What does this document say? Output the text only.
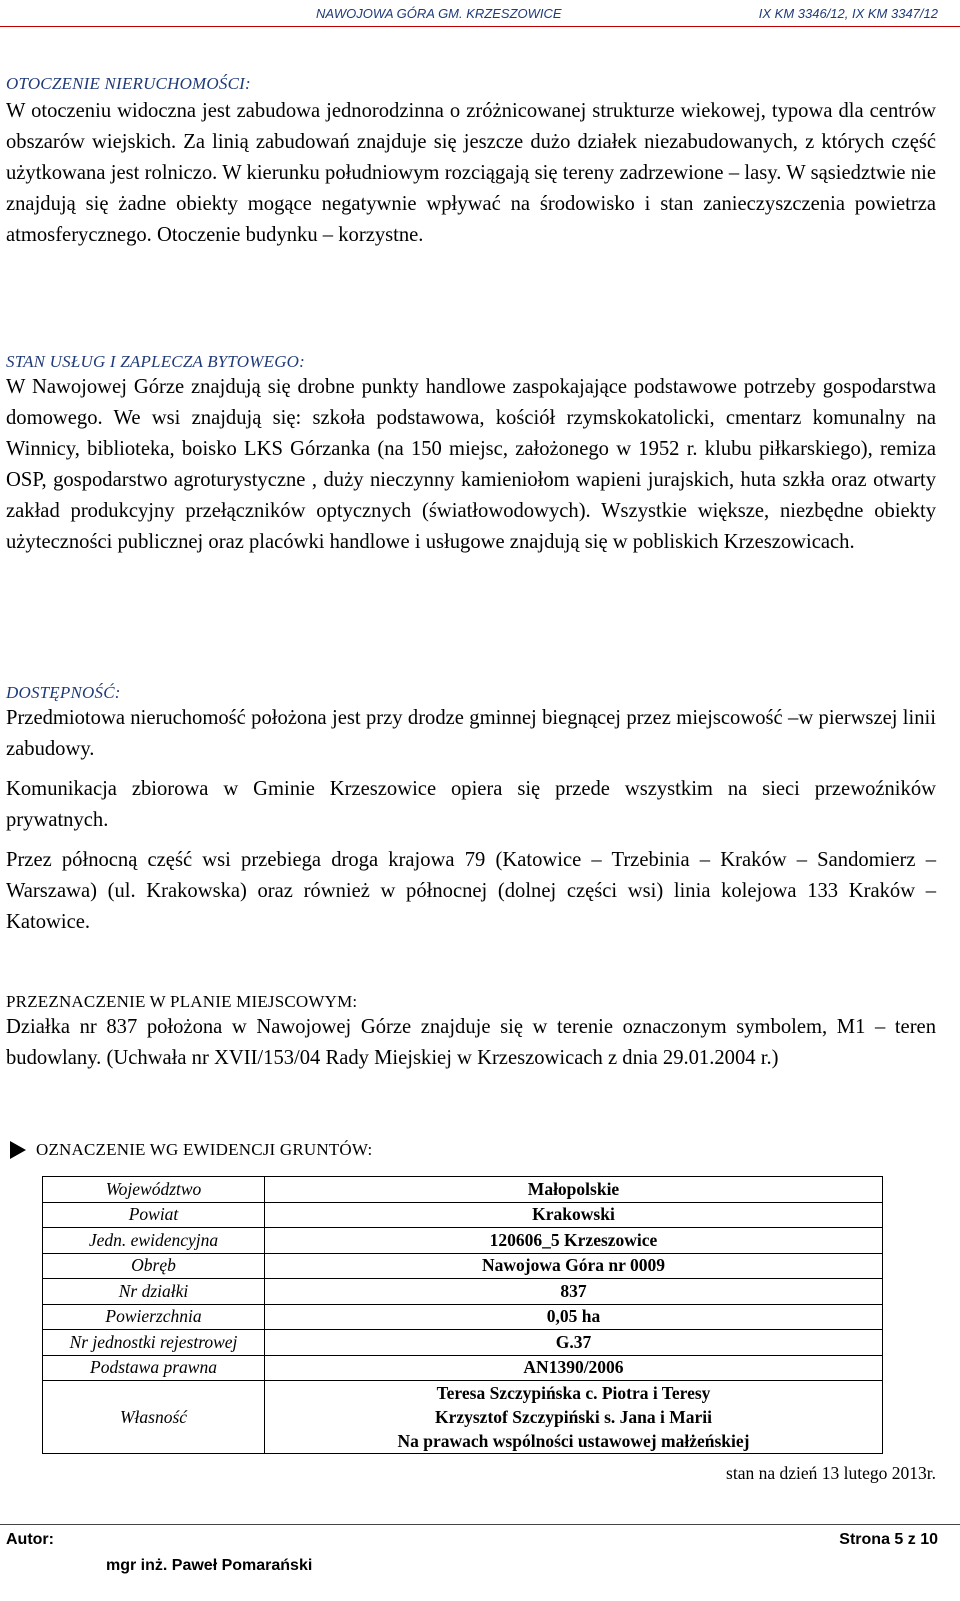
NAWOJOWA GÓRA GM. KRZESZOWICE	IX KM 3346/12, IX KM 3347/12
OTOCZENIE NIERUCHOMOŚCI:

W otoczeniu widoczna jest zabudowa jednorodzinna o zróżnicowanej strukturze wiekowej, typowa dla centrów obszarów wiejskich. Za linią zabudowań znajduje się jeszcze dużo działek niezabudowanych, z których część użytkowana jest rolniczo. W kierunku południowym rozciągają się tereny zadrzewione – lasy. W sąsiedztwie nie znajdują się żadne obiekty mogące negatywnie wpływać na środowisko i stan zanieczyszczenia powietrza atmosferycznego. Otoczenie budynku – korzystne.

STAN USŁUG I ZAPLECZA BYTOWEGO:

W Nawojowej Górze znajdują się drobne punkty handlowe zaspokajające podstawowe potrzeby gospodarstwa domowego. We wsi znajdują się: szkoła podstawowa, kościół rzymskokatolicki, cmentarz komunalny na Winnicy, biblioteka, boisko LKS Górzanka (na 150 miejsc, założonego w 1952 r. klubu piłkarskiego), remiza OSP, gospodarstwo agroturystyczne , duży nieczynny kamieniołom wapieni jurajskich, huta szkła oraz otwarty zakład produkcyjny przełączników optycznych (światłowodowych). Wszystkie większe, niezbędne obiekty użyteczności publicznej oraz placówki handlowe i usługowe znajdują się w pobliskich Krzeszowicach.

DOSTĘPNOŚĆ:

Przedmiotowa nieruchomość położona jest przy drodze gminnej biegnącej przez miejscowość –w pierwszej linii zabudowy.

Komunikacja zbiorowa w Gminie Krzeszowice opiera się przede wszystkim na sieci przewoźników prywatnych.

Przez północną część wsi przebiega droga krajowa 79 (Katowice – Trzebinia – Kraków – Sandomierz – Warszawa) (ul. Krakowska) oraz również w północnej (dolnej części wsi) linia kolejowa 133 Kraków – Katowice.

PRZEZNACZENIE W PLANIE MIEJSCOWYM:

Działka nr 837 położona w Nawojowej Górze znajduje się w terenie oznaczonym symbolem, M1 – teren budowlany. (Uchwała nr XVII/153/04 Rady Miejskiej w Krzeszowicach z dnia 29.01.2004 r.)

OZNACZENIE WG EWIDENCJI GRUNTÓW:
Województwo	Małopolskie
Powiat	Krakowski
Jedn. ewidencyjna	120606_5 Krzeszowice
Obręb	Nawojowa Góra nr 0009
Nr działki	837
Powierzchnia	0,05 ha
Nr jednostki rejestrowej	G.37
Podstawa prawna	AN1390/2006
Własność	Teresa Szczypińska c. Piotra i Teresy
Krzysztof Szczypiński s. Jana i Marii
Na prawach wspólności ustawowej małżeńskiej
stan na dzień 13 lutego 2013r.
Autor:	Strona 5 z 10
mgr inż. Paweł Pomarański
